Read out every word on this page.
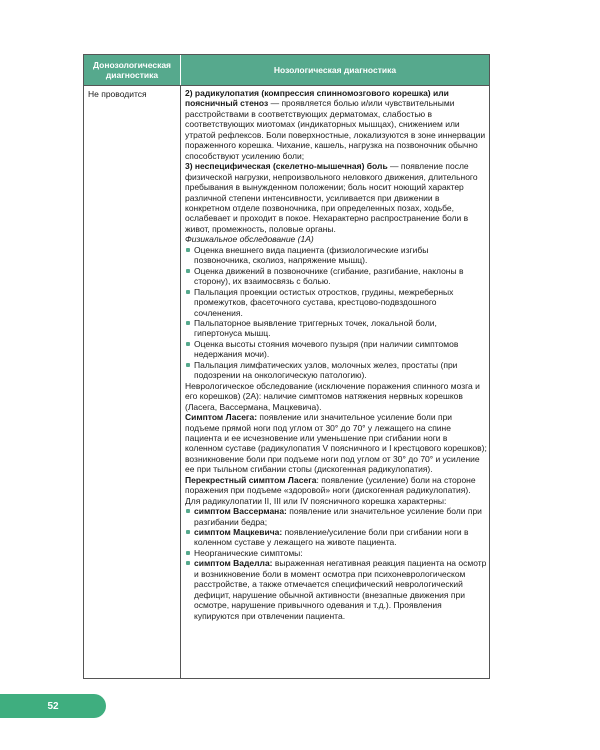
Донозологическая диагностика	Нозологическая диагностика
Не проводится	2) радикулопатия (компрессия спинномозгового корешка) или поясничный стеноз — проявляется болью и/или чувствительными расстройствами в соответствующих дерматомах, слабостью в соответствующих миотомах (индикаторных мышцах), снижением или утратой рефлексов. Боли поверхностные, локализуются в зоне иннервации пораженного корешка. Чихание, кашель, нагрузка на позвоночник обычно способствуют усилению боли;

3) неспецифическая (скелетно-мышечная) боль — появление после физической нагрузки, непроизвольного неловкого движения, длительного пребывания в вынужденном положении; боль носит ноющий характер различной степени интенсивности, усиливается при движении в конкретном отделе позвоночника, при определенных позах, ходьбе, ослабевает и проходит в покое. Нехарактерно распространение боли в живот, промежность, половые органы.

Физикальное обследование (1А)

Оценка внешнего вида пациента (физиологические изгибы позвоночника, сколиоз, напряжение мышц).
Оценка движений в позвоночнике (сгибание, разгибание, наклоны в сторону), их взаимосвязь с болью.
Пальпация проекции остистых отростков, грудины, межреберных промежутков, фасеточного сустава, крестцово-подвздошного сочленения.
Пальпаторное выявление триггерных точек, локальной боли, гипертонуса мышц.
Оценка высоты стояния мочевого пузыря (при наличии симптомов недержания мочи).
Пальпация лимфатических узлов, молочных желез, простаты (при подозрении на онкологическую патологию).

Неврологическое обследование (исключение поражения спинного мозга и его корешков) (2А): наличие симптомов натяжения нервных корешков (Ласега, Вассермана, Мацкевича).

Симптом Ласега: появление или значительное усиление боли при подъеме прямой ноги под углом от 30° до 70° у лежащего на спине пациента и ее исчезновение или уменьшение при сгибании ноги в коленном суставе (радикулопатия V поясничного и I крестцового корешков); возникновение боли при подъеме ноги под углом от 30° до 70° и усиление ее при тыльном сгибании стопы (дискогенная радикулопатия).

Перекрестный симптом Ласега: появление (усиление) боли на стороне поражения при подъеме «здоровой» ноги (дискогенная радикулопатия).

Для радикулопатии II, III или IV поясничного корешка характерны:

симптом Вассермана: появление или значительное усиление боли при разгибании бедра;
симптом Мацкевича: появление/усиление боли при сгибании ноги в коленном суставе у лежащего на животе пациента.
Неорганические симптомы:
симптом Ваделла: выраженная негативная реакция пациента на осмотр и возникновение боли в момент осмотра при психоневрологическом расстройстве, а также отмечается специфический неврологический дефицит, нарушение обычной активности (внезапные движения при осмотре, нарушение привычного одевания и т.д.). Проявления купируются при отвлечении пациента.
52
